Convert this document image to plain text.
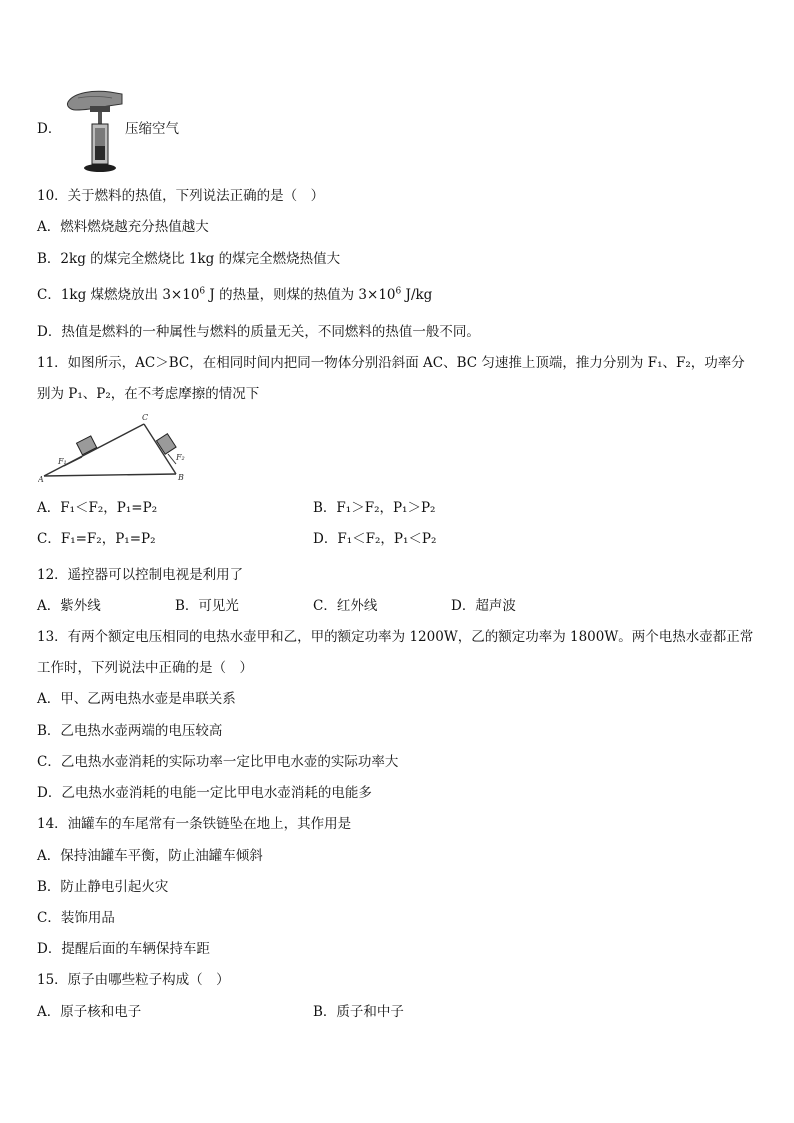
D．	压缩空气
10．关于燃料的热值，下列说法正确的是（　）
A．燃料燃烧越充分热值越大
B．2kg 的煤完全燃烧比 1kg 的煤完全燃烧热值大
C．1kg 煤燃烧放出 $3\times 10^6$ J 的热量，则煤的热值为 $3\times 10^6$ J/kg
D．热值是燃料的一种属性与燃料的质量无关，不同燃料的热值一般不同。
11．如图所示，AC＞BC，在相同时间内把同一物体分别沿斜面 AC、BC 匀速推上顶端，推力分别为 F₁、F₂，功率分
别为 P₁、P₂，在不考虑摩擦的情况下
A	B
C
F₁	F₂
A．F₁＜F₂，P₁=P₂	B．F₁＞F₂，P₁＞P₂
C．F₁=F₂，P₁=P₂	D．F₁＜F₂，P₁＜P₂
12．遥控器可以控制电视是利用了
A．紫外线	B．可见光	C．红外线	D．超声波
13．有两个额定电压相同的电热水壶甲和乙，甲的额定功率为 1200W，乙的额定功率为 1800W。两个电热水壶都正常
工作时，下列说法中正确的是（　）
A．甲、乙两电热水壶是串联关系
B．乙电热水壶两端的电压较高
C．乙电热水壶消耗的实际功率一定比甲电水壶的实际功率大
D．乙电热水壶消耗的电能一定比甲电水壶消耗的电能多
14．油罐车的车尾常有一条铁链坠在地上，其作用是
A．保持油罐车平衡，防止油罐车倾斜
B．防止静电引起火灾
C．装饰用品
D．提醒后面的车辆保持车距
15．原子由哪些粒子构成（　）
A．原子核和电子	B．质子和中子
